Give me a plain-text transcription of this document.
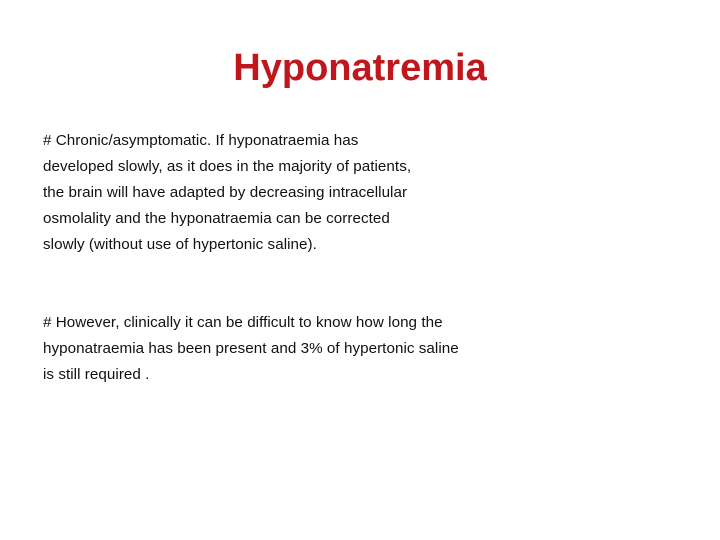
Hyponatremia
# Chronic/asymptomatic. If hyponatraemia has
developed slowly, as it does in the majority of patients,
the brain will have adapted by decreasing intracellular
osmolality and the hyponatraemia can be corrected
slowly (without use of hypertonic saline).
# However, clinically it can be difficult to know how long the
hyponatraemia has been present and 3% of hypertonic saline
is still required .
